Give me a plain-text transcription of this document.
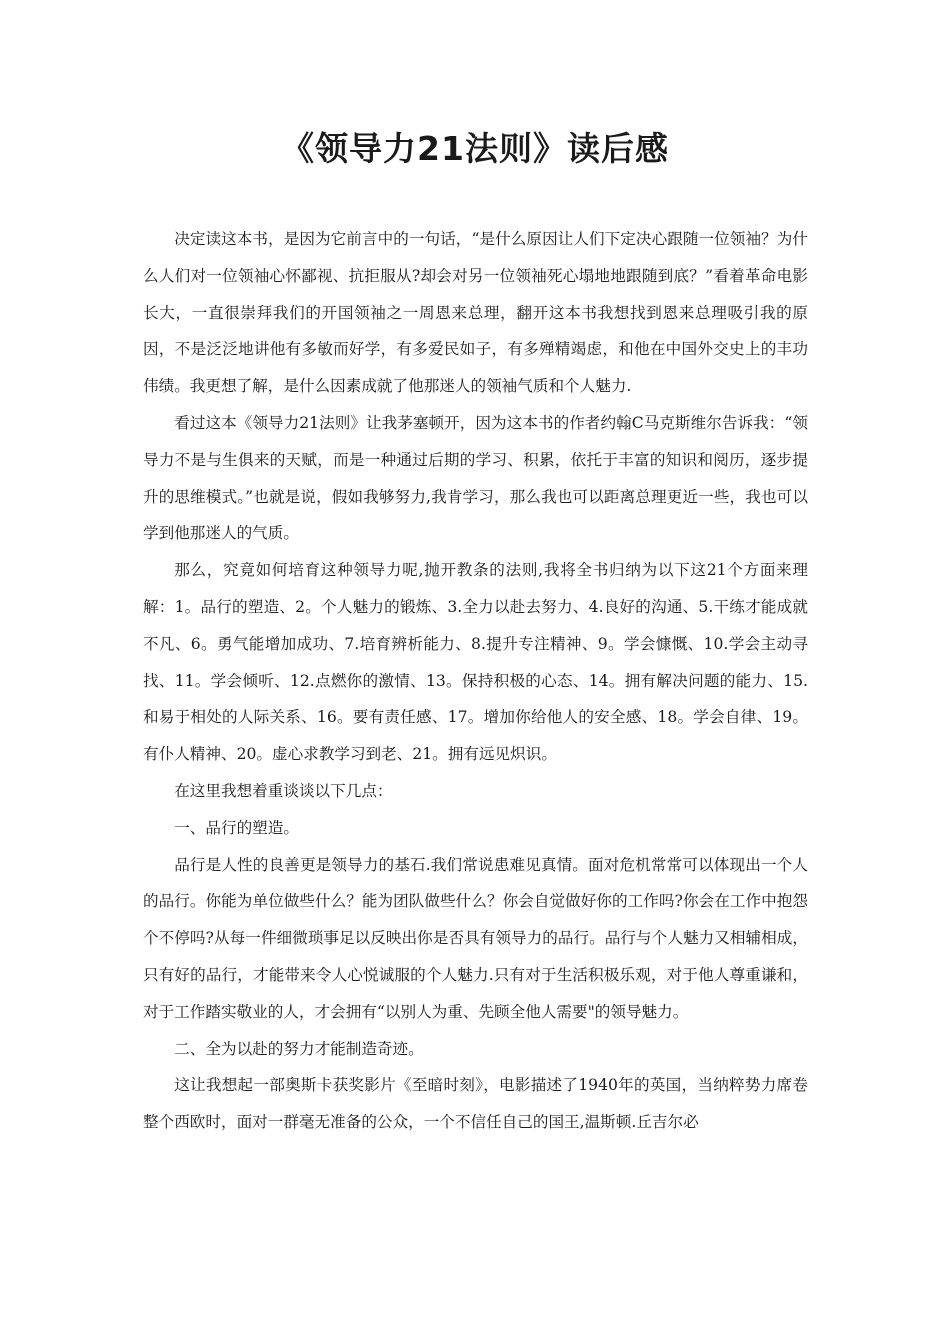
《领导力21法则》读后感

决定读这本书，是因为它前言中的一句话，“是什么原因让人们下定决心跟随一位领袖？为什么人们对一位领袖心怀鄙视、抗拒服从?却会对另一位领袖死心塌地地跟随到底？”看着革命电影长大，一直很崇拜我们的开国领袖之一周恩来总理，翻开这本书我想找到恩来总理吸引我的原因，不是泛泛地讲他有多敏而好学，有多爱民如子，有多殚精竭虑，和他在中国外交史上的丰功伟绩。我更想了解，是什么因素成就了他那迷人的领袖气质和个人魅力.

看过这本《领导力21法则》让我茅塞顿开，因为这本书的作者约翰C马克斯维尔告诉我：“领导力不是与生俱来的天赋，而是一种通过后期的学习、积累，依托于丰富的知识和阅历，逐步提升的思维模式。”也就是说，假如我够努力,我肯学习，那么我也可以距离总理更近一些，我也可以学到他那迷人的气质。

那么，究竟如何培育这种领导力呢,抛开教条的法则,我将全书归纳为以下这21个方面来理解：1。品行的塑造、2。个人魅力的锻炼、3.全力以赴去努力、4.良好的沟通、5.干练才能成就不凡、6。勇气能增加成功、7.培育辨析能力、8.提升专注精神、9。学会慷慨、10.学会主动寻找、11。学会倾听、12.点燃你的激情、13。保持积极的心态、14。拥有解决问题的能力、15.和易于相处的人际关系、16。要有责任感、17。增加你给他人的安全感、18。学会自律、19。有仆人精神、20。虚心求教学习到老、21。拥有远见炽识。

在这里我想着重谈谈以下几点：

一、品行的塑造。

品行是人性的良善更是领导力的基石.我们常说患难见真情。面对危机常常可以体现出一个人的品行。你能为单位做些什么？能为团队做些什么？你会自觉做好你的工作吗?你会在工作中抱怨个不停吗?从每一件细微琐事足以反映出你是否具有领导力的品行。品行与个人魅力又相辅相成，只有好的品行，才能带来令人心悦诚服的个人魅力.只有对于生活积极乐观，对于他人尊重谦和，对于工作踏实敬业的人，才会拥有“以别人为重、先顾全他人需要"的领导魅力。

二、全为以赴的努力才能制造奇迹。

这让我想起一部奥斯卡获奖影片《至暗时刻》，电影描述了1940年的英国，当纳粹势力席卷整个西欧时，面对一群毫无准备的公众，一个不信任自己的国王,温斯顿.丘吉尔必
